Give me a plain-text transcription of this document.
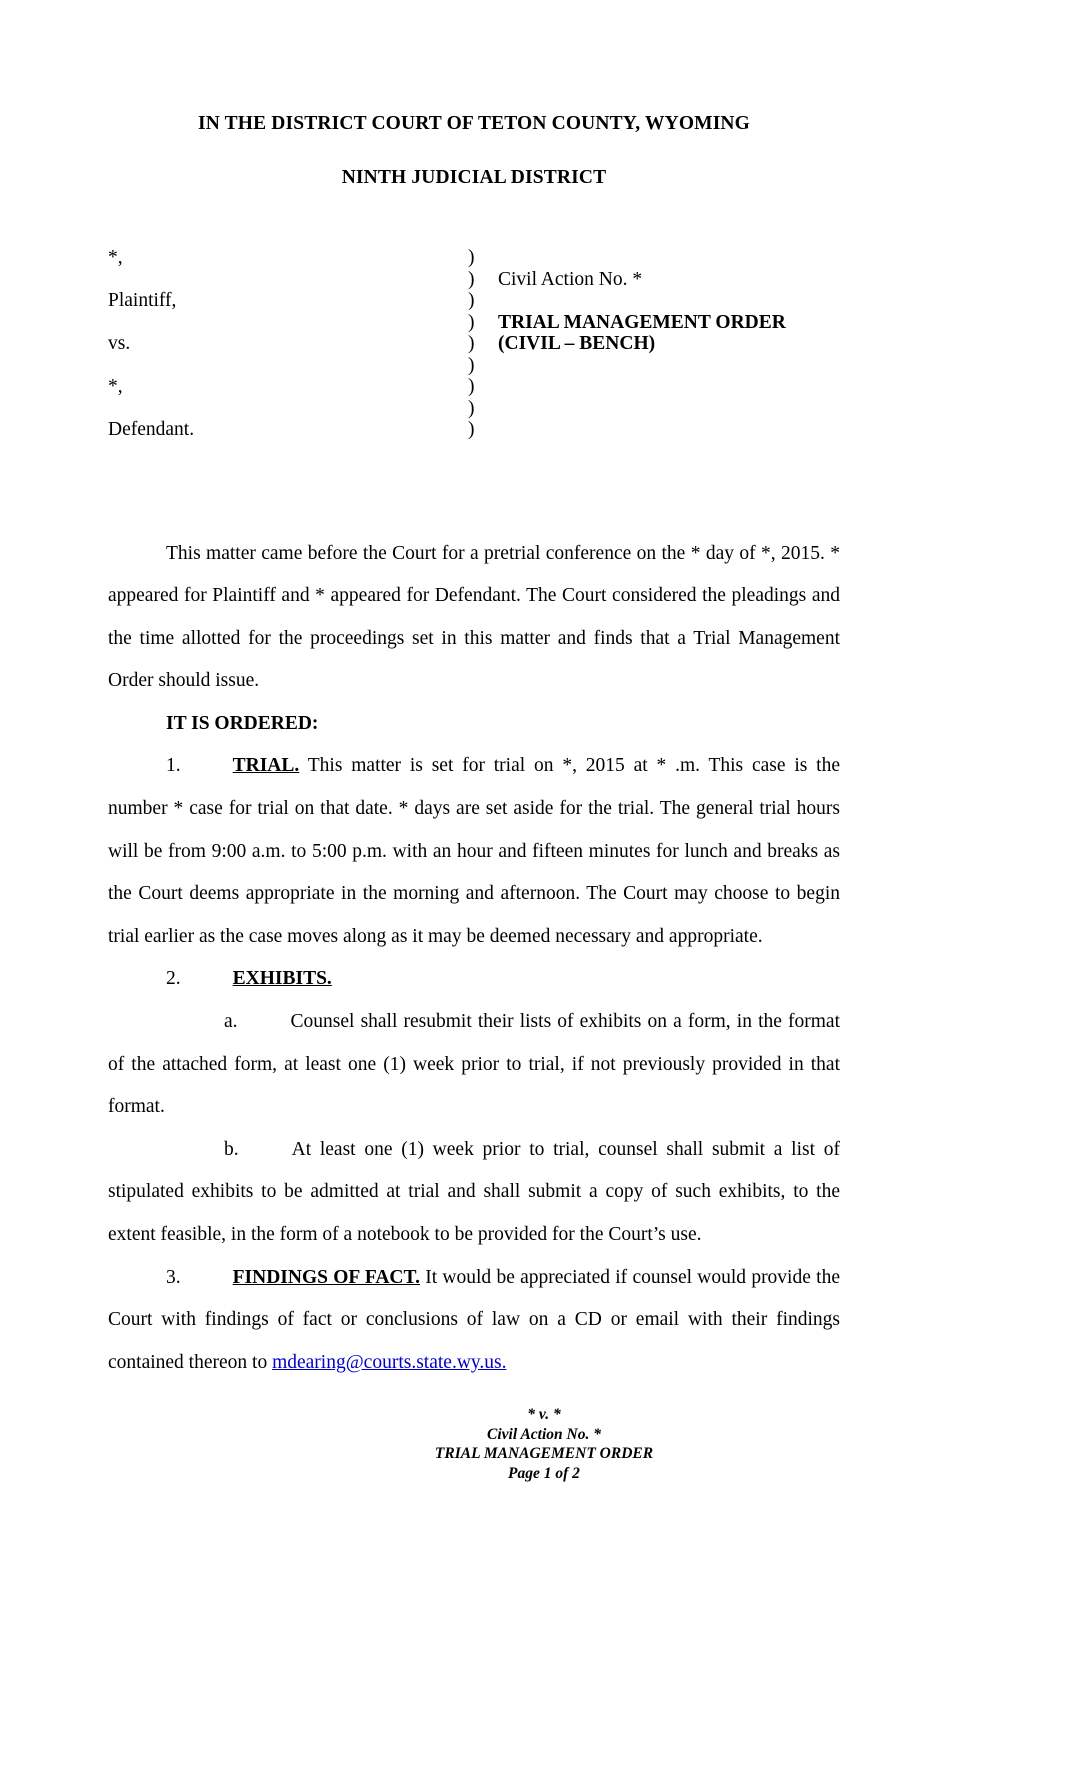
IN THE DISTRICT COURT OF TETON COUNTY, WYOMING
NINTH JUDICIAL DISTRICT
*,	)	
	)	Civil Action No. *
Plaintiff,	)	
	)	TRIAL MANAGEMENT ORDER
vs.	)	(CIVIL – BENCH)
	)	
*,	)	
	)	
Defendant.	)	

This matter came before the Court for a pretrial conference on the * day of *, 2015. * appeared for Plaintiff and * appeared for Defendant. The Court considered the pleadings and the time allotted for the proceedings set in this matter and finds that a Trial Management Order should issue.

IT IS ORDERED:

1.	TRIAL. This matter is set for trial on *, 2015 at * .m. This case is the number * case for trial on that date. * days are set aside for the trial. The general trial hours will be from 9:00 a.m. to 5:00 p.m. with an hour and fifteen minutes for lunch and breaks as the Court deems appropriate in the morning and afternoon. The Court may choose to begin trial earlier as the case moves along as it may be deemed necessary and appropriate.

2.	EXHIBITS.

a.	Counsel shall resubmit their lists of exhibits on a form, in the format of the attached form, at least one (1) week prior to trial, if not previously provided in that format.

b.	At least one (1) week prior to trial, counsel shall submit a list of stipulated exhibits to be admitted at trial and shall submit a copy of such exhibits, to the extent feasible, in the form of a notebook to be provided for the Court’s use.

3.	FINDINGS OF FACT. It would be appreciated if counsel would provide the Court with findings of fact or conclusions of law on a CD or email with their findings contained thereon to mdearing@courts.state.wy.us.

* v. *
Civil Action No. *
TRIAL MANAGEMENT ORDER
Page 1 of 2
